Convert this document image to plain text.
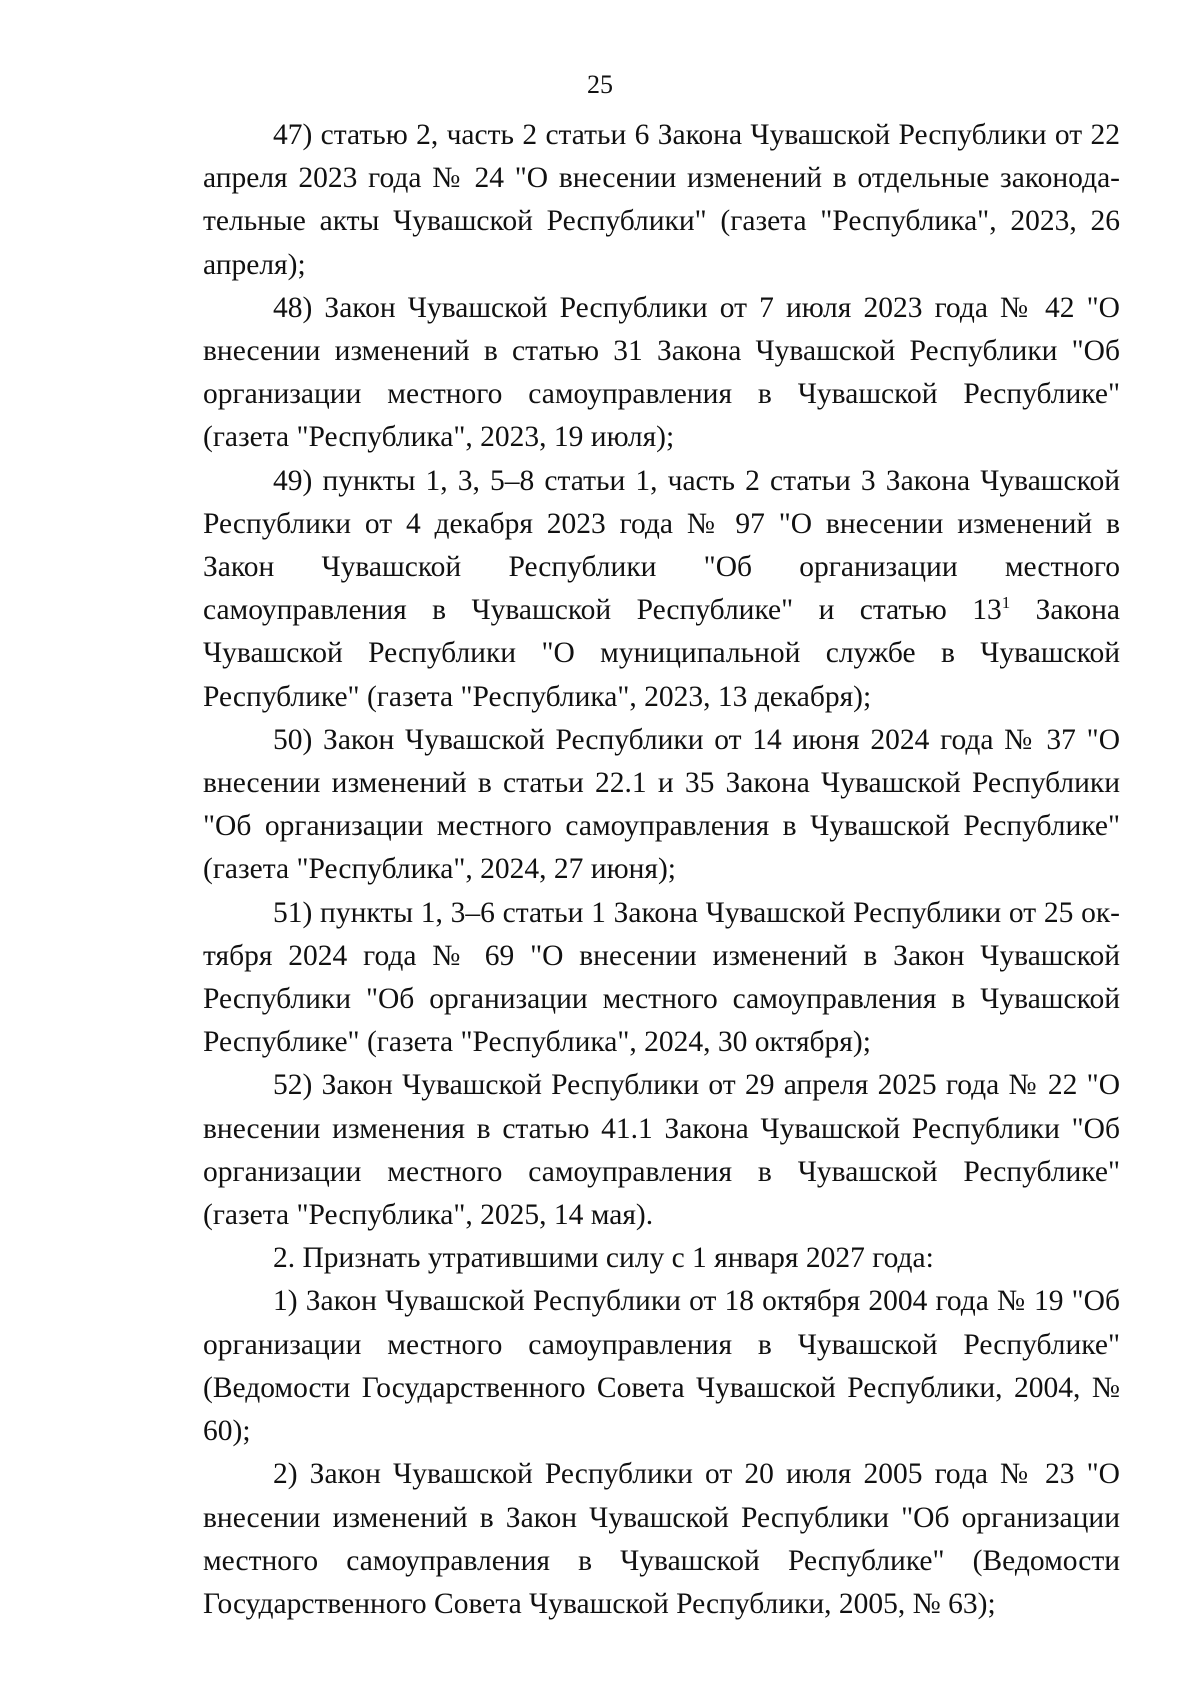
25

47) статью 2, часть 2 статьи 6 Закона Чувашской Республики от 22 апреля 2023 года № 24 "О внесении изменений в отдельные законодательные акты Чувашской Республики" (газета "Республика", 2023, 26 апреля);

48) Закон Чувашской Республики от 7 июля 2023 года № 42 "О внесении изменений в статью 31 Закона Чувашской Республики "Об организации местного самоуправления в Чувашской Республике" (газета "Республика", 2023, 19 июля);

49) пункты 1, 3, 5–8 статьи 1, часть 2 статьи 3 Закона Чувашской Республики от 4 декабря 2023 года № 97 "О внесении изменений в Закон Чувашской Республики "Об организации местного самоуправления в Чувашской Республике" и статью $13^1$ Закона Чувашской Республики "О муниципальной службе в Чувашской Республике" (газета "Республика", 2023, 13 декабря);

50) Закон Чувашской Республики от 14 июня 2024 года № 37 "О внесении изменений в статьи 22.1 и 35 Закона Чувашской Республики "Об организации местного самоуправления в Чувашской Республике" (газета "Республика", 2024, 27 июня);

51) пункты 1, 3–6 статьи 1 Закона Чувашской Республики от 25 октября 2024 года № 69 "О внесении изменений в Закон Чувашской Республики "Об организации местного самоуправления в Чувашской Республике" (газета "Республика", 2024, 30 октября);

52) Закон Чувашской Республики от 29 апреля 2025 года № 22 "О внесении изменения в статью 41.1 Закона Чувашской Республики "Об организации местного самоуправления в Чувашской Республике" (газета "Республика", 2025, 14 мая).

2. Признать утратившими силу с 1 января 2027 года:

1) Закон Чувашской Республики от 18 октября 2004 года № 19 "Об организации местного самоуправления в Чувашской Республике" (Ведомости Государственного Совета Чувашской Республики, 2004, № 60);

2) Закон Чувашской Республики от 20 июля 2005 года № 23 "О внесении изменений в Закон Чувашской Республики "Об организации местного самоуправления в Чувашской Республике" (Ведомости Государственного Совета Чувашской Республики, 2005, № 63);
